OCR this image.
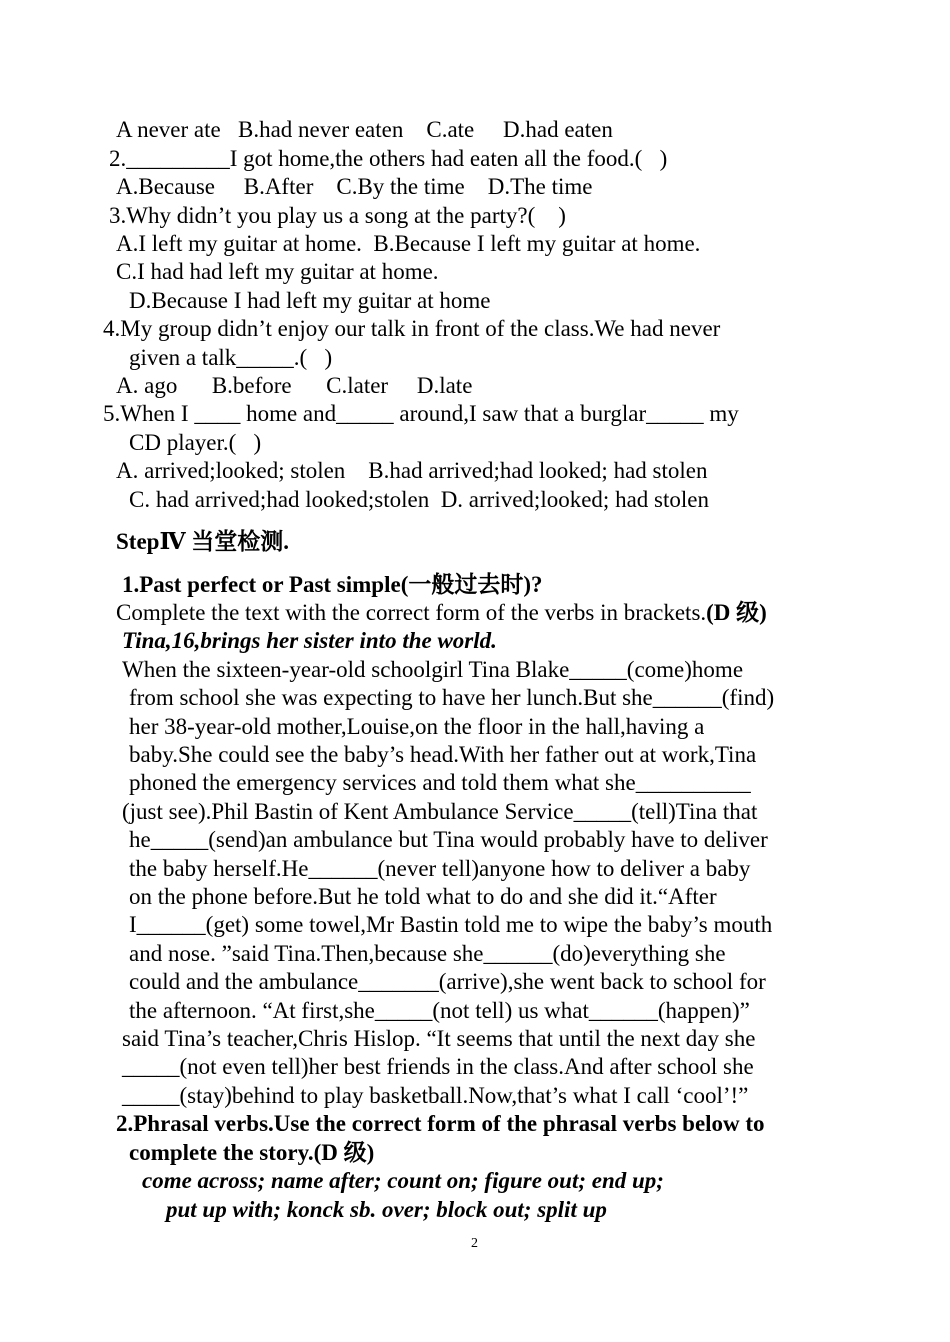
A never ate   B.had never eaten    C.ate     D.had eaten
2._________I got home,the others had eaten all the food.(   )
A.Because     B.After    C.By the time    D.The time
3.Why didn’t you play us a song at the party?(    )
A.I left my guitar at home.  B.Because I left my guitar at home.
C.I had had left my guitar at home.
D.Because I had left my guitar at home
4.My group didn’t enjoy our talk in front of the class.We had never
given a talk_____.(   )
A. ago      B.before      C.later     D.late
5.When I ____ home and_____ around,I saw that a burglar_____ my
CD player.(   )
A. arrived;looked; stolen    B.had arrived;had looked; had stolen
C. had arrived;had looked;stolen  D. arrived;looked; had stolen
StepⅣ 当堂检测.
1.Past perfect or Past simple(一般过去时)?
Complete the text with the correct form of the verbs in brackets.(D 级)
Tina,16,brings her sister into the world.
When the sixteen-year-old schoolgirl Tina Blake_____(come)home
from school she was expecting to have her lunch.But she______(find)
her 38-year-old mother,Louise,on the floor in the hall,having a
baby.She could see the baby’s head.With her father out at work,Tina
phoned the emergency services and told them what she__________
(just see).Phil Bastin of Kent Ambulance Service_____(tell)Tina that
he_____(send)an ambulance but Tina would probably have to deliver
the baby herself.He______(never tell)anyone how to deliver a baby
on the phone before.But he told what to do and she did it.“After
I______(get) some towel,Mr Bastin told me to wipe the baby’s mouth
and nose. ”said Tina.Then,because she______(do)everything she
could and the ambulance_______(arrive),she went back to school for
the afternoon. “At first,she_____(not tell) us what______(happen)”
said Tina’s teacher,Chris Hislop. “It seems that until the next day she
_____(not even tell)her best friends in the class.And after school she
_____(stay)behind to play basketball.Now,that’s what I call ‘cool’!”
2.Phrasal verbs.Use the correct form of the phrasal verbs below to
complete the story.(D 级)
come across; name after; count on; figure out; end up;
put up with; konck sb. over; block out; split up
2
